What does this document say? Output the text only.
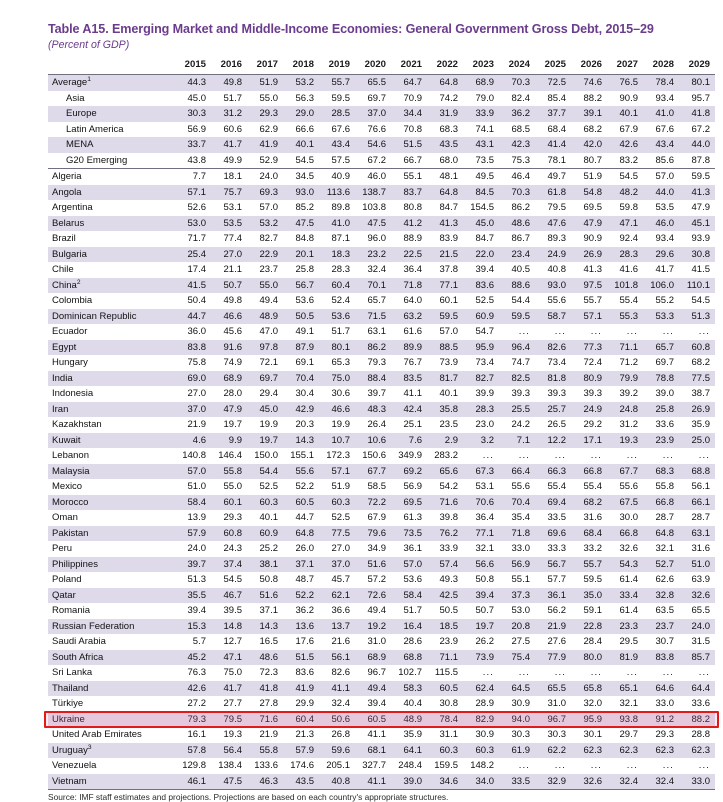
Table A15. Emerging Market and Middle-Income Economies: General Government Gross Debt, 2015–29
(Percent of GDP)
	2015	2016	2017	2018	2019	2020	2021	2022	2023	2024	2025	2026	2027	2028	2029
Average$^1$	44.3	49.8	51.9	53.2	55.7	65.5	64.7	64.8	68.9	70.3	72.5	74.6	76.5	78.4	80.1
Asia	45.0	51.7	55.0	56.3	59.5	69.7	70.9	74.2	79.0	82.4	85.4	88.2	90.9	93.4	95.7
Europe	30.3	31.2	29.3	29.0	28.5	37.0	34.4	31.9	33.9	36.2	37.7	39.1	40.1	41.0	41.8
Latin America	56.9	60.6	62.9	66.6	67.6	76.6	70.8	68.3	74.1	68.5	68.4	68.2	67.9	67.6	67.2
MENA	33.7	41.7	41.9	40.1	43.4	54.6	51.5	43.5	43.1	42.3	41.4	42.0	42.6	43.4	44.0
G20 Emerging	43.8	49.9	52.9	54.5	57.5	67.2	66.7	68.0	73.5	75.3	78.1	80.7	83.2	85.6	87.8
Algeria	7.7	18.1	24.0	34.5	40.9	46.0	55.1	48.1	49.5	46.4	49.7	51.9	54.5	57.0	59.5
Angola	57.1	75.7	69.3	93.0	113.6	138.7	83.7	64.8	84.5	70.3	61.8	54.8	48.2	44.0	41.3
Argentina	52.6	53.1	57.0	85.2	89.8	103.8	80.8	84.7	154.5	86.2	79.5	69.5	59.8	53.5	47.9
Belarus	53.0	53.5	53.2	47.5	41.0	47.5	41.2	41.3	45.0	48.6	47.6	47.9	47.1	46.0	45.1
Brazil	71.7	77.4	82.7	84.8	87.1	96.0	88.9	83.9	84.7	86.7	89.3	90.9	92.4	93.4	93.9
Bulgaria	25.4	27.0	22.9	20.1	18.3	23.2	22.5	21.5	22.0	23.4	24.9	26.9	28.3	29.6	30.8
Chile	17.4	21.1	23.7	25.8	28.3	32.4	36.4	37.8	39.4	40.5	40.8	41.3	41.6	41.7	41.5
China$^2$	41.5	50.7	55.0	56.7	60.4	70.1	71.8	77.1	83.6	88.6	93.0	97.5	101.8	106.0	110.1
Colombia	50.4	49.8	49.4	53.6	52.4	65.7	64.0	60.1	52.5	54.4	55.6	55.7	55.4	55.2	54.5
Dominican Republic	44.7	46.6	48.9	50.5	53.6	71.5	63.2	59.5	60.9	59.5	58.7	57.1	55.3	53.3	51.3
Ecuador	36.0	45.6	47.0	49.1	51.7	63.1	61.6	57.0	54.7	...	...	...	...	...	...
Egypt	83.8	91.6	97.8	87.9	80.1	86.2	89.9	88.5	95.9	96.4	82.6	77.3	71.1	65.7	60.8
Hungary	75.8	74.9	72.1	69.1	65.3	79.3	76.7	73.9	73.4	74.7	73.4	72.4	71.2	69.7	68.2
India	69.0	68.9	69.7	70.4	75.0	88.4	83.5	81.7	82.7	82.5	81.8	80.9	79.9	78.8	77.5
Indonesia	27.0	28.0	29.4	30.4	30.6	39.7	41.1	40.1	39.9	39.3	39.3	39.3	39.2	39.0	38.7
Iran	37.0	47.9	45.0	42.9	46.6	48.3	42.4	35.8	28.3	25.5	25.7	24.9	24.8	25.8	26.9
Kazakhstan	21.9	19.7	19.9	20.3	19.9	26.4	25.1	23.5	23.0	24.2	26.5	29.2	31.2	33.6	35.9
Kuwait	4.6	9.9	19.7	14.3	10.7	10.6	7.6	2.9	3.2	7.1	12.2	17.1	19.3	23.9	25.0
Lebanon	140.8	146.4	150.0	155.1	172.3	150.6	349.9	283.2	...	...	...	...	...	...	...
Malaysia	57.0	55.8	54.4	55.6	57.1	67.7	69.2	65.6	67.3	66.4	66.3	66.8	67.7	68.3	68.8
Mexico	51.0	55.0	52.5	52.2	51.9	58.5	56.9	54.2	53.1	55.6	55.4	55.4	55.6	55.8	56.1
Morocco	58.4	60.1	60.3	60.5	60.3	72.2	69.5	71.6	70.6	70.4	69.4	68.2	67.5	66.8	66.1
Oman	13.9	29.3	40.1	44.7	52.5	67.9	61.3	39.8	36.4	35.4	33.5	31.6	30.0	28.7	28.7
Pakistan	57.9	60.8	60.9	64.8	77.5	79.6	73.5	76.2	77.1	71.8	69.6	68.4	66.8	64.8	63.1
Peru	24.0	24.3	25.2	26.0	27.0	34.9	36.1	33.9	32.1	33.0	33.3	33.2	32.6	32.1	31.6
Philippines	39.7	37.4	38.1	37.1	37.0	51.6	57.0	57.4	56.6	56.9	56.7	55.7	54.3	52.7	51.0
Poland	51.3	54.5	50.8	48.7	45.7	57.2	53.6	49.3	50.8	55.1	57.7	59.5	61.4	62.6	63.9
Qatar	35.5	46.7	51.6	52.2	62.1	72.6	58.4	42.5	39.4	37.3	36.1	35.0	33.4	32.8	32.6
Romania	39.4	39.5	37.1	36.2	36.6	49.4	51.7	50.5	50.7	53.0	56.2	59.1	61.4	63.5	65.5
Russian Federation	15.3	14.8	14.3	13.6	13.7	19.2	16.4	18.5	19.7	20.8	21.9	22.8	23.3	23.7	24.0
Saudi Arabia	5.7	12.7	16.5	17.6	21.6	31.0	28.6	23.9	26.2	27.5	27.6	28.4	29.5	30.7	31.5
South Africa	45.2	47.1	48.6	51.5	56.1	68.9	68.8	71.1	73.9	75.4	77.9	80.0	81.9	83.8	85.7
Sri Lanka	76.3	75.0	72.3	83.6	82.6	96.7	102.7	115.5	...	...	...	...	...	...	...
Thailand	42.6	41.7	41.8	41.9	41.1	49.4	58.3	60.5	62.4	64.5	65.5	65.8	65.1	64.6	64.4
Türkiye	27.2	27.7	27.8	29.9	32.4	39.4	40.4	30.8	28.9	30.9	31.0	32.0	32.1	33.0	33.6
Ukraine	79.3	79.5	71.6	60.4	50.6	60.5	48.9	78.4	82.9	94.0	96.7	95.9	93.8	91.2	88.2
United Arab Emirates	16.1	19.3	21.9	21.3	26.8	41.1	35.9	31.1	30.9	30.3	30.3	30.1	29.7	29.3	28.8
Uruguay$^3$	57.8	56.4	55.8	57.9	59.6	68.1	64.1	60.3	60.3	61.9	62.2	62.3	62.3	62.3	62.3
Venezuela	129.8	138.4	133.6	174.6	205.1	327.7	248.4	159.5	148.2	...	...	...	...	...	...
Vietnam	46.1	47.5	46.3	43.5	40.8	41.1	39.0	34.6	34.0	33.5	32.9	32.6	32.4	32.4	33.0
Source: IMF staff estimates and projections. Projections are based on each country's appropriate structures.
